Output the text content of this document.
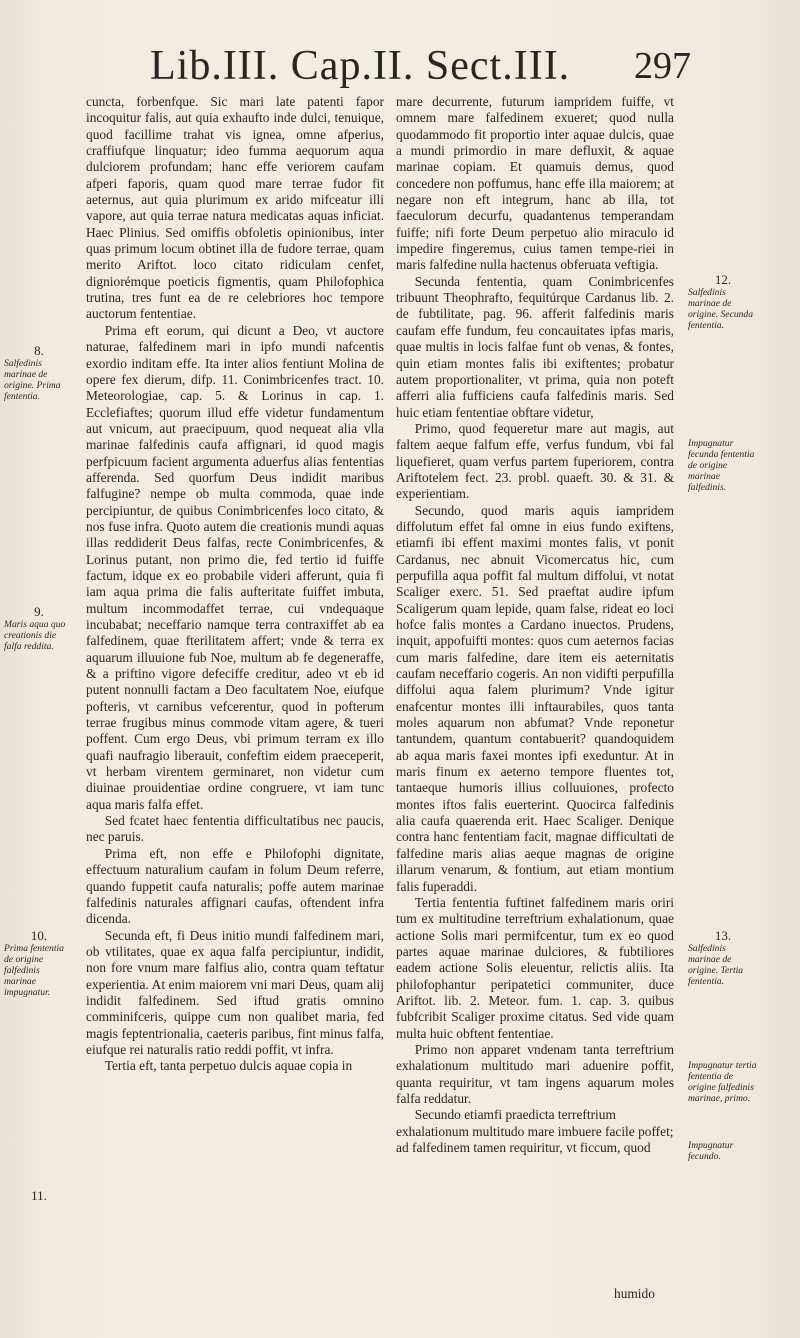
Lib.III. Cap.II. Sect.III. 297

cuncta, forbenfque. Sic mari late patenti fapor incoquitur falis, aut quia exhaufto inde dulci, tenuique, quod facillime trahat vis ignea, omne afperius, craffiufque linquatur; ideo fumma aequorum aqua dulciorem profundam; hanc effe veriorem caufam afperi faporis, quam quod mare terrae fudor fit aeternus, aut quia plurimum ex arido mifceatur illi vapore, aut quia terrae natura medicatas aquas inficiat. Haec Plinius. Sed omiffis obfoletis opinionibus, inter quas primum locum obtinet illa de fudore terrae, quam merito Ariftot. loco citato ridiculam cenfet, digniorémque poeticis figmentis, quam Philofophica trutina, tres funt ea de re celebriores hoc tempore auctorum fententiae.

Prima eft eorum, qui dicunt a Deo, vt auctore naturae, falfedinem mari in ipfo mundi nafcentis exordio inditam effe. Ita inter alios fentiunt Molina de opere fex dierum, difp. 11. Conimbricenfes tract. 10. Meteorologiae, cap. 5. & Lorinus in cap. 1. Ecclefiaftes; quorum illud effe videtur fundamentum aut vnicum, aut praecipuum, quod nequeat alia vlla marinae falfedinis caufa affignari, id quod magis perfpicuum facient argumenta aduerfus alias fententias afferenda. Sed quorfum Deus indidit maribus falfugine? nempe ob multa commoda, quae inde percipiuntur, de quibus Conimbricenfes loco citato, & nos fuse infra. Quoto autem die creationis mundi aquas illas reddiderit Deus falfas, recte Conimbricenfes, & Lorinus putant, non primo die, fed tertio id fuiffe factum, idque ex eo probabile videri afferunt, quia fi iam aqua prima die falis aufteritate fuiffet imbuta, multum incommodaffet terrae, cui vndequaque incubabat; neceffario namque terra contraxiffet ab ea falfedinem, quae fterilitatem affert; vnde & terra ex aquarum illuuione fub Noe, multum ab fe degeneraffe, & a priftino vigore defeciffe creditur, adeo vt eb id putent nonnulli factam a Deo facultatem Noe, eiufque pofteris, vt carnibus vefcerentur, quod in pofterum terrae frugibus minus commode vitam agere, & tueri poffent. Cum ergo Deus, vbi primum terram ex illo quafi naufragio liberauit, confeftim eidem praeceperit, vt herbam virentem germinaret, non videtur cum diuinae prouidentiae ordine congruere, vt iam tunc aqua maris falfa effet.

Sed fcatet haec fententia difficultatibus nec paucis, nec paruis.

Prima eft, non effe e Philofophi dignitate, effectuum naturalium caufam in folum Deum referre, quando fuppetit caufa naturalis; poffe autem marinae falfedinis naturales affignari caufas, oftendent infra dicenda.

Secunda eft, fi Deus initio mundi falfedinem mari, ob vtilitates, quae ex aqua falfa percipiuntur, indidit, non fore vnum mare falfius alio, contra quam teftatur experientia. At enim maiorem vni mari Deus, quam alij indidit falfedinem. Sed iftud gratis omnino comminifceris, quippe cum non qualibet maria, fed magis feptentrionalia, caeteris paribus, fint minus falfa, eiufque rei naturalis ratio reddi poffit, vt infra.

Tertia eft, tanta perpetuo dulcis aquae copia in

mare decurrente, futurum iampridem fuiffe, vt omnem mare falfedinem exueret; quod nulla quodammodo fit proportio inter aquae dulcis, quae a mundi primordio in mare defluxit, & aquae marinae copiam. Et quamuis demus, quod concedere non poffumus, hanc effe illa maiorem; at negare non eft integrum, hanc ab illa, tot faeculorum decurfu, quadantenus temperandam fuiffe; nifi forte Deum perpetuo alio miraculo id impedire fingeremus, cuius tamen tempe-riei in maris falfedine nulla hactenus obferuata veftigia.

Secunda fententia, quam Conimbricenfes tribuunt Theophrafto, fequitúrque Cardanus lib. 2. de fubtilitate, pag. 96. afferit falfedinis maris caufam effe fundum, feu concauitates ipfas maris, quae multis in locis falfae funt ob venas, & fontes, quin etiam montes falis ibi exiftentes; probatur autem proportionaliter, vt prima, quia non poteft afferri alia fufficiens caufa falfedinis maris. Sed huic etiam fententiae obftare videtur,

Primo, quod fequeretur mare aut magis, aut faltem aeque falfum effe, verfus fundum, vbi fal liquefieret, quam verfus partem fuperiorem, contra Ariftotelem fect. 23. probl. quaeft. 30. & 31. & experientiam.

Secundo, quod maris aquis iampridem diffolutum effet fal omne in eius fundo exiftens, etiamfi ibi effent maximi montes falis, vt ponit Cardanus, nec abnuit Vicomercatus hic, cum perpufilla aqua poffit fal multum diffolui, vt notat Scaliger exerc. 51. Sed praeftat audire ipfum Scaligerum quam lepide, quam false, rideat eo loci hofce falis montes a Cardano inuectos. Prudens, inquit, appofuifti montes: quos cum aeternos facias cum maris falfedine, dare item eis aeternitatis caufam neceffario cogeris. An non vidifti perpufilla diffolui aqua falem plurimum? Vnde igitur enafcentur montes illi inftaurabiles, quos tanta moles aquarum non abfumat? Vnde reponetur tantundem, quantum contabuerit? quandoquidem ab aqua maris faxei montes ipfi exeduntur. At in maris finum ex aeterno tempore fluentes tot, tantaeque humoris illius colluuiones, profecto montes iftos falis euerterint. Quocirca falfedinis alia caufa quaerenda erit. Haec Scaliger. Denique contra hanc fententiam facit, magnae difficultati de falfedine maris alias aeque magnas de origine illarum venarum, & fontium, aut etiam montium falis fuperaddi.

Tertia fententia fuftinet falfedinem maris oriri tum ex multitudine terreftrium exhalationum, quae actione Solis mari permifcentur, tum ex eo quod partes aquae marinae dulciores, & fubtiliores eadem actione Solis eleuentur, relictis aliis. Ita philofophantur peripatetici communiter, duce Ariftot. lib. 2. Meteor. fum. 1. cap. 3. quibus fubfcribit Scaliger proxime citatus. Sed vide quam multa huic obftent fententiae.

Primo non apparet vndenam tanta terreftrium exhalationum multitudo mari aduenire poffit, quanta requiritur, vt tam ingens aquarum moles falfa reddatur.

Secundo etiamfi praedicta terreftrium exhalationum multitudo mare imbuere facile poffet; ad falfedinem tamen requiritur, vt ficcum, quod

humido
8.
Salfedinis marinae de origine. Prima fententia.
9.
Maris aqua quo creationis die falfa reddita.
10.
Prima fententia de origine falfedinis marinae impugnatur.
11.
12.
Salfedinis marinae de origine. Secunda fententia.
Impugnatur fecunda fententia de origine marinae falfedinis.
13.
Salfedinis marinae de origine. Tertia fententia.
Impugnatur tertia fententia de origine falfedinis marinae, primo.
Impugnatur fecundo.
